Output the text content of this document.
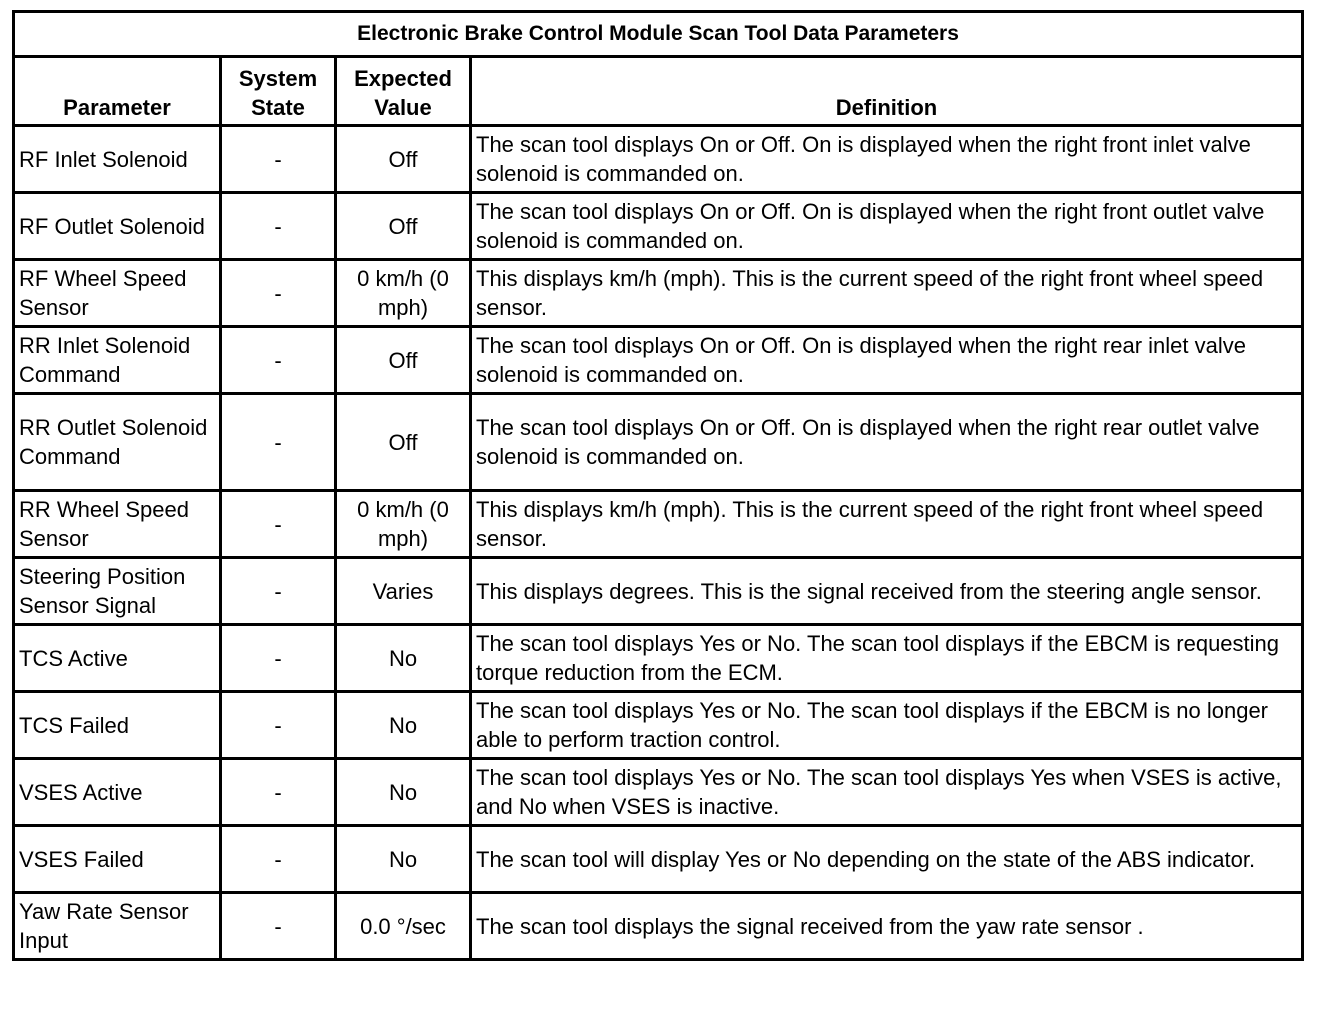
Electronic Brake Control Module Scan Tool Data Parameters			
Parameter	System State	Expected Value	Definition
RF Inlet Solenoid	-	Off	The scan tool displays On or Off. On is displayed when the right front inlet valve solenoid is commanded on.
RF Outlet Solenoid	-	Off	The scan tool displays On or Off. On is displayed when the right front outlet valve solenoid is commanded on.
RF Wheel Speed Sensor	-	0 km/h (0 mph)	This displays km/h (mph). This is the current speed of the right front wheel speed sensor.
RR Inlet Solenoid Command	-	Off	The scan tool displays On or Off. On is displayed when the right rear inlet valve solenoid is commanded on.
RR Outlet Solenoid Command	-	Off	The scan tool displays On or Off. On is displayed when the right rear outlet valve solenoid is commanded on.
RR Wheel Speed Sensor	-	0 km/h (0 mph)	This displays km/h (mph). This is the current speed of the right front wheel speed sensor.
Steering Position Sensor Signal	-	Varies	This displays degrees. This is the signal received from the steering angle sensor.
TCS Active	-	No	The scan tool displays Yes or No. The scan tool displays if the EBCM is requesting torque reduction from the ECM.
TCS Failed	-	No	The scan tool displays Yes or No. The scan tool displays if the EBCM is no longer able to perform traction control.
VSES Active	-	No	The scan tool displays Yes or No. The scan tool displays Yes when VSES is active, and No when VSES is inactive.
VSES Failed	-	No	The scan tool will display Yes or No depending on the state of the ABS indicator.
Yaw Rate Sensor Input	-	0.0 °/sec	The scan tool displays the signal received from the yaw rate sensor .
